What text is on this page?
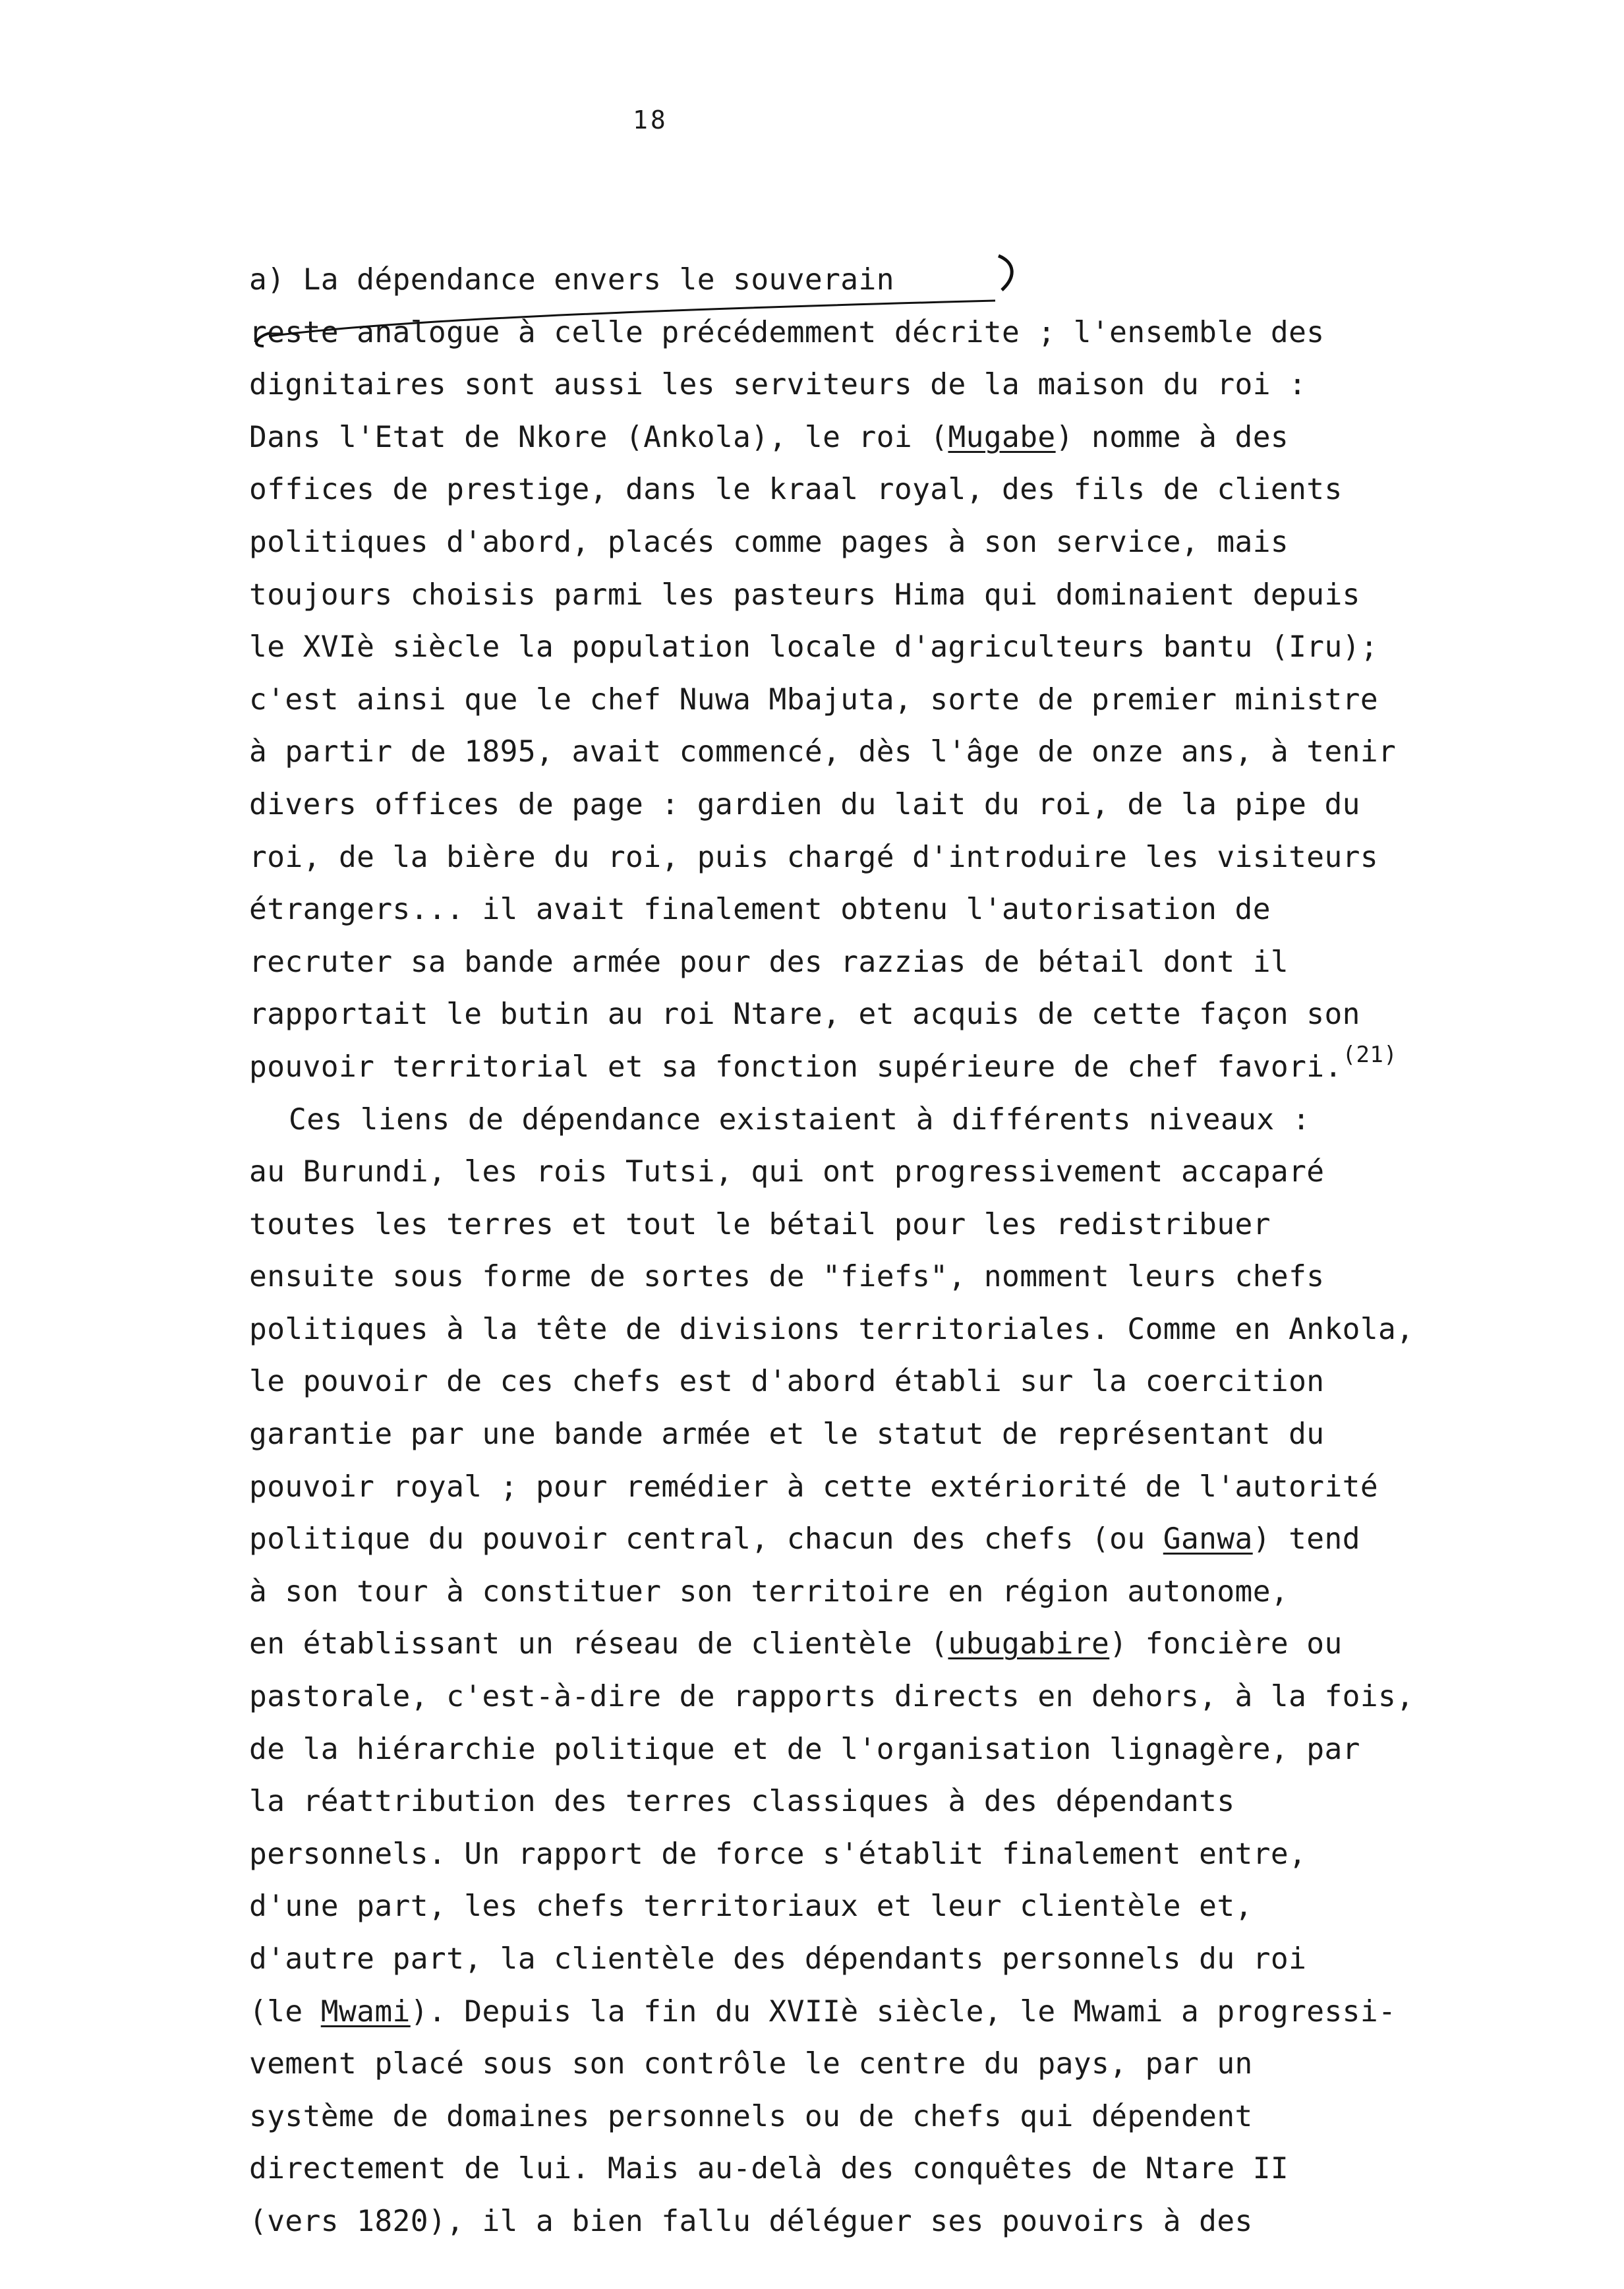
18
a) La dépendance envers le souverain
reste analogue à celle précédemment décrite ; l'ensemble des
dignitaires sont aussi les serviteurs de la maison du roi :
Dans l'Etat de Nkore (Ankola), le roi (Mugabe) nomme à des
offices de prestige, dans le kraal royal, des fils de clients
politiques d'abord, placés comme pages à son service, mais
toujours choisis parmi les pasteurs Hima qui dominaient depuis
le XVIè siècle la population locale d'agriculteurs bantu (Iru);
c'est ainsi que le chef Nuwa Mbajuta, sorte de premier ministre
à partir de 1895, avait commencé, dès l'âge de onze ans, à tenir
divers offices de page : gardien du lait du roi, de la pipe du
roi, de la bière du roi, puis chargé d'introduire les visiteurs
étrangers... il avait finalement obtenu l'autorisation de
recruter sa bande armée pour des razzias de bétail dont il
rapportait le butin au roi Ntare, et acquis de cette façon son
pouvoir territorial et sa fonction supérieure de chef favori.$^{(21)}$
Ces liens de dépendance existaient à différents niveaux :
au Burundi, les rois Tutsi, qui ont progressivement accaparé
toutes les terres et tout le bétail pour les redistribuer
ensuite sous forme de sortes de "fiefs", nomment leurs chefs
politiques à la tête de divisions territoriales. Comme en Ankola,
le pouvoir de ces chefs est d'abord établi sur la coercition
garantie par une bande armée et le statut de représentant du
pouvoir royal ; pour remédier à cette extériorité de l'autorité
politique du pouvoir central, chacun des chefs (ou Ganwa) tend
à son tour à constituer son territoire en région autonome,
en établissant un réseau de clientèle (ubugabire) foncière ou
pastorale, c'est-à-dire de rapports directs en dehors, à la fois,
de la hiérarchie politique et de l'organisation lignagère, par
la réattribution des terres classiques à des dépendants
personnels. Un rapport de force s'établit finalement entre,
d'une part, les chefs territoriaux et leur clientèle et,
d'autre part, la clientèle des dépendants personnels du roi
(le Mwami). Depuis la fin du XVIIè siècle, le Mwami a progressi-
vement placé sous son contrôle le centre du pays, par un
système de domaines personnels ou de chefs qui dépendent
directement de lui. Mais au-delà des conquêtes de Ntare II
(vers 1820), il a bien fallu déléguer ses pouvoirs à des
